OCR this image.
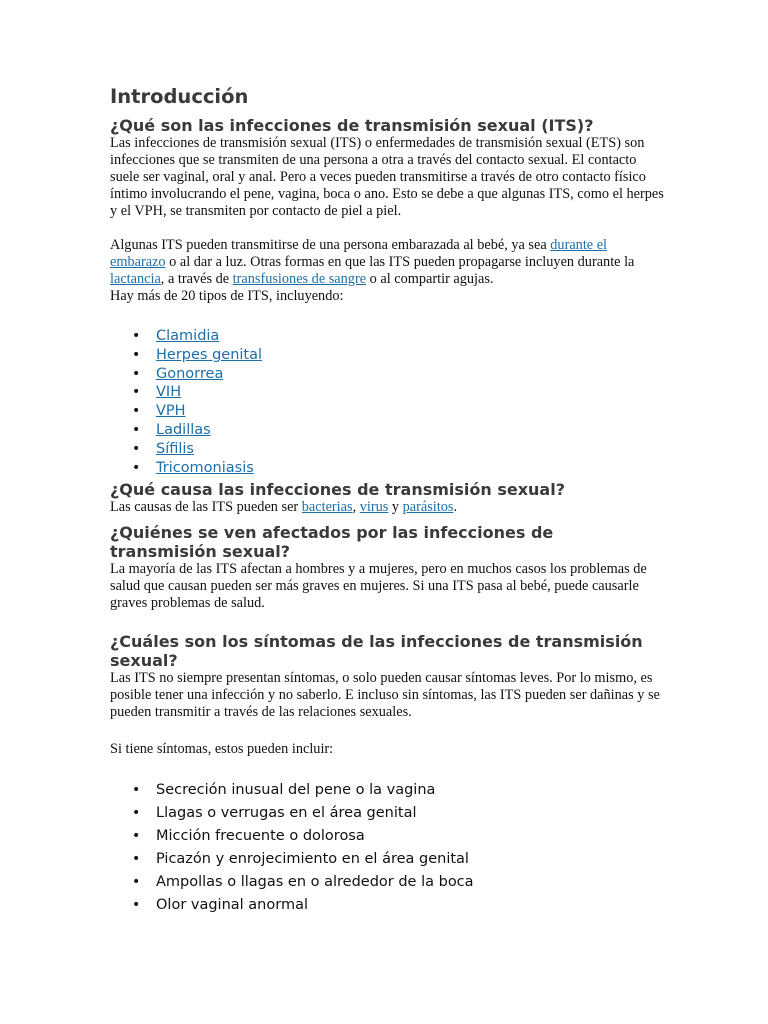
Introducción
¿Qué son las infecciones de transmisión sexual (ITS)?

Las infecciones de transmisión sexual (ITS) o enfermedades de transmisión sexual (ETS) son infecciones que se transmiten de una persona a otra a través del contacto sexual. El contacto suele ser vaginal, oral y anal. Pero a veces pueden transmitirse a través de otro contacto físico íntimo involucrando el pene, vagina, boca o ano. Esto se debe a que algunas ITS, como el herpes y el VPH, se transmiten por contacto de piel a piel.

Algunas ITS pueden transmitirse de una persona embarazada al bebé, ya sea durante el embarazo o al dar a luz. Otras formas en que las ITS pueden propagarse incluyen durante la lactancia, a través de transfusiones de sangre o al compartir agujas.

Hay más de 20 tipos de ITS, incluyendo:

• Clamidia
• Herpes genital
• Gonorrea
• VIH
• VPH
• Ladillas
• Sífilis
• Tricomoniasis
¿Qué causa las infecciones de transmisión sexual?

Las causas de las ITS pueden ser bacterias, virus y parásitos.

¿Quiénes se ven afectados por las infecciones de transmisión sexual?

La mayoría de las ITS afectan a hombres y a mujeres, pero en muchos casos los problemas de salud que causan pueden ser más graves en mujeres. Si una ITS pasa al bebé, puede causarle graves problemas de salud.

¿Cuáles son los síntomas de las infecciones de transmisión sexual?

Las ITS no siempre presentan síntomas, o solo pueden causar síntomas leves. Por lo mismo, es posible tener una infección y no saberlo. E incluso sin síntomas, las ITS pueden ser dañinas y se pueden transmitir a través de las relaciones sexuales.

Si tiene síntomas, estos pueden incluir:

• Secreción inusual del pene o la vagina
• Llagas o verrugas en el área genital
• Micción frecuente o dolorosa
• Picazón y enrojecimiento en el área genital
• Ampollas o llagas en o alrededor de la boca
• Olor vaginal anormal
